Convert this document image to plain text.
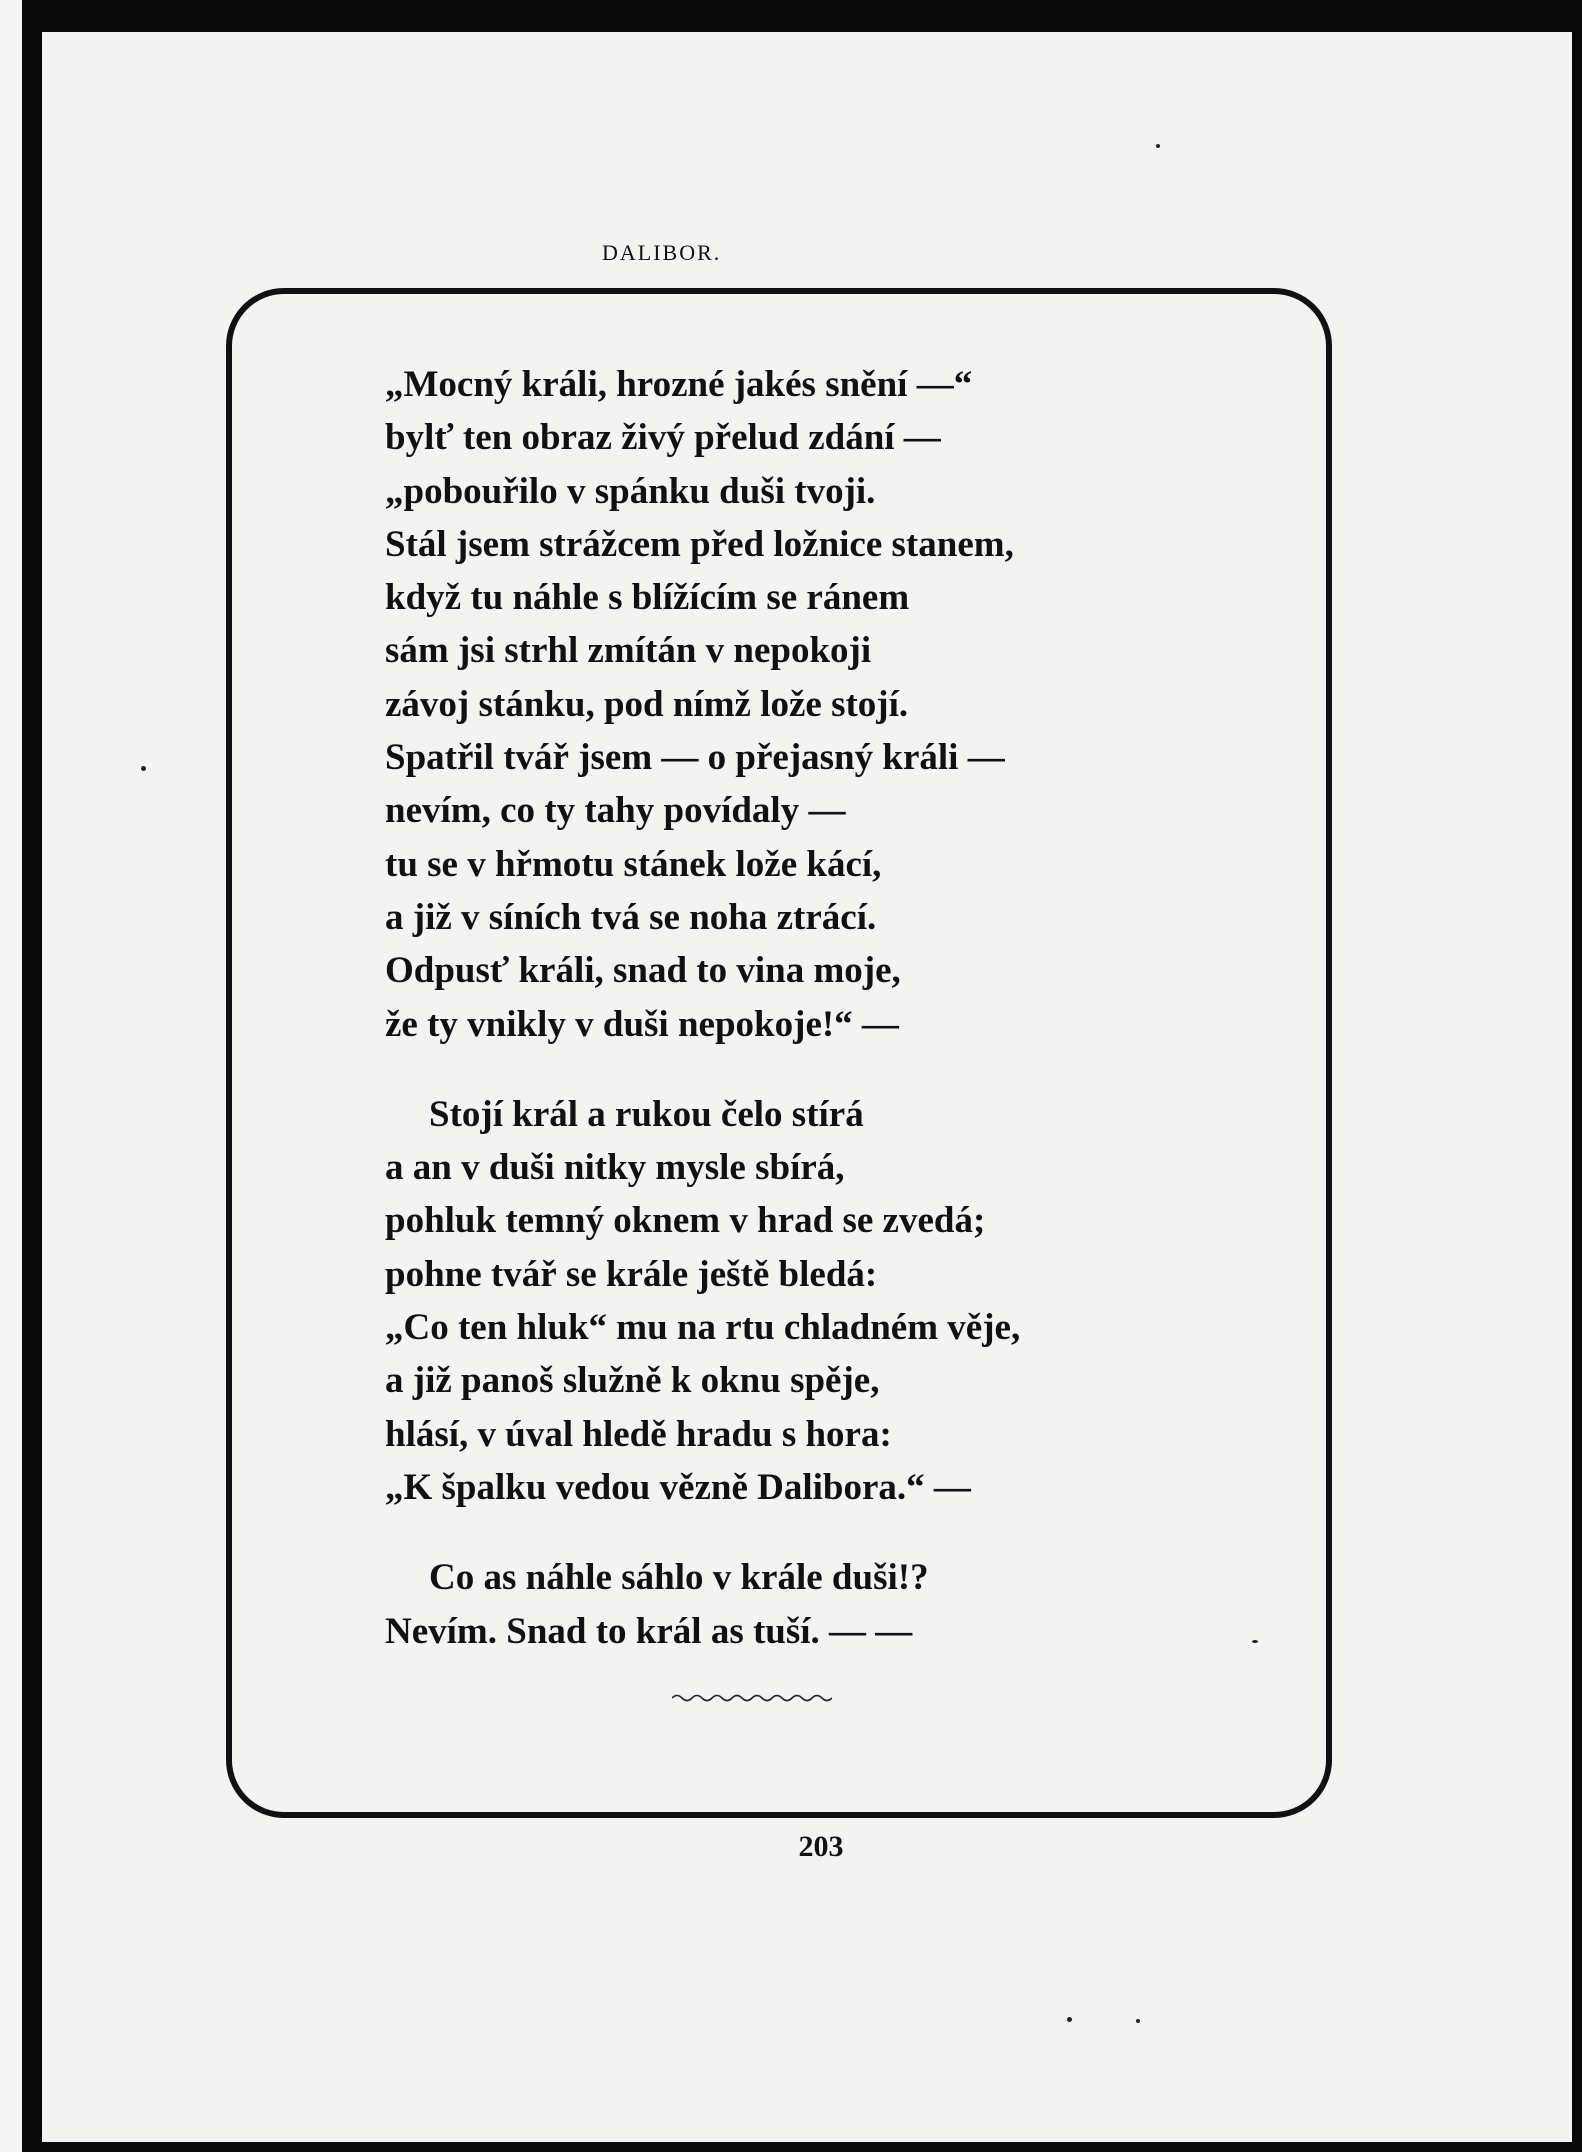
DALIBOR.
„Mocný králi, hrozné jakés snění —“
bylť ten obraz živý přelud zdání —
„pobouřilo v spánku duši tvoji.
Stál jsem strážcem před ložnice stanem,
když tu náhle s blížícím se ránem
sám jsi strhl zmítán v nepokoji
závoj stánku, pod nímž lože stojí.
Spatřil tvář jsem — o přejasný králi —
nevím, co ty tahy povídaly —
tu se v hřmotu stánek lože kácí,
a již v síních tvá se noha ztrácí.
Odpusť králi, snad to vina moje,
že ty vnikly v duši nepokoje!“ —
Stojí král a rukou čelo stírá
a an v duši nitky mysle sbírá,
pohluk temný oknem v hrad se zvedá;
pohne tvář se krále ještě bledá:
„Co ten hluk“ mu na rtu chladném věje,
a již panoš služně k oknu spěje,
hlásí, v úval hledě hradu s hora:
„K špalku vedou vězně Dalibora.“ —
Co as náhle sáhlo v krále duši!?
Nevím. Snad to král as tuší. — —
203
